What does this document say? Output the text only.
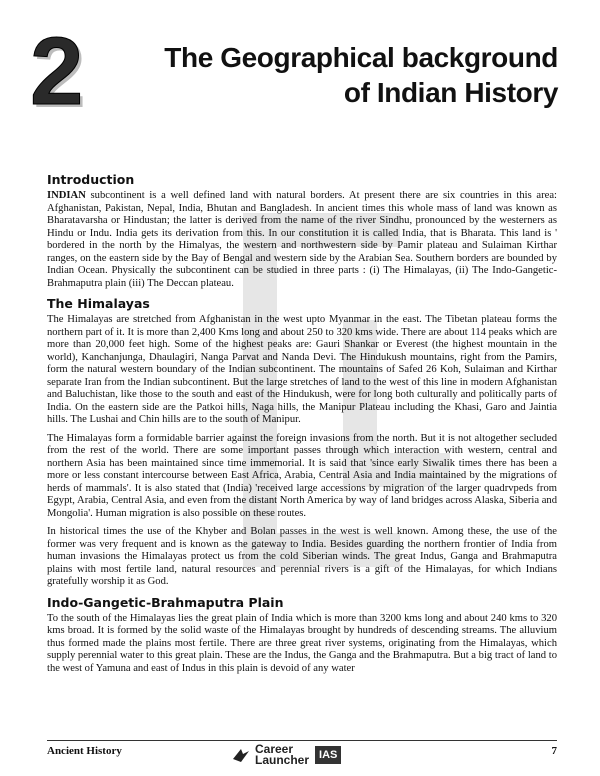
2	The Geographical background
of Indian History
Introduction

INDIAN subcontinent is a well defined land with natural borders. At present there are six countries in this area: Afghanistan, Pakistan, Nepal, India, Bhutan and Bangladesh. In ancient times this whole mass of land was known as Bharatavarsha or Hindustan; the latter is derived from the name of the river Sindhu, pronounced by the westerners as Hindu or Indu. India gets its derivation from this. In our constitution it is called India, that is Bharata. This land is ' bordered in the north by the Himalyas, the western and northwestern side by Pamir plateau and Sulaiman Kirthar ranges, on the eastern side by the Bay of Bengal and western side by the Arabian Sea. Southern borders are bounded by Indian Ocean. Physically the subcontinent can be studied in three parts : (i) The Himalayas, (ii) The Indo-Gangetic-Brahmaputra plain (iii) The Deccan plateau.

The Himalayas

The Himalayas are stretched from Afghanistan in the west upto Myanmar in the east. The Tibetan plateau forms the northern part of it. It is more than 2,400 Kms long and about 250 to 320 kms wide. There are about 114 peaks which are more than 20,000 feet high. Some of the highest peaks are: Gauri Shankar or Everest (the highest mountain in the world), Kanchanjunga, Dhaulagiri, Nanga Parvat and Nanda Devi. The Hindukush mountains, right from the Pamirs, form the natural western boundary of the Indian subcontinent. The mountains of Safed 26 Koh, Sulaiman and Kirthar separate Iran from the Indian subcontinent. But the large stretches of land to the west of this line in modern Afghanistan and Baluchistan, like those to the south and east of the Hindukush, were for long both culturally and politically parts of India. On the eastern side are the Patkoi hills, Naga hills, the Manipur Plateau including the Khasi, Garo and Jaintia hills. The Lushai and Chin hills are to the south of Manipur.

The Himalayas form a formidable barrier against the foreign invasions from the north. But it is not altogether secluded from the rest of the world. There are some important passes through which interaction with western, central and northern Asia has been maintained since time immemorial. It is said that 'since early Siwalik times there has been a more or less constant intercourse between East Africa, Arabia, Central Asia and India maintained by the migrations of herds of mammals'. It is also stated that (India) 'received large accessions by migration of the larger quadrvpeds from Egypt, Arabia, Central Asia, and even from the distant North America by way of land bridges across Alaska, Siberia and Mongolia'. Human migration is also possible on these routes.

In historical times the use of the Khyber and Bolan passes in the west is well known. Among these, the use of the former was very frequent and is known as the gateway to India. Besides guarding the northern frontier of India from human invasions the Himalayas protect us from the cold Siberian winds. The great Indus, Ganga and Brahmaputra plains with most fertile land, natural resources and perennial rivers is a gift of the Himalayas, for which Indians gratefully worship it as God.

Indo-Gangetic-Brahmaputra Plain

To the south of the Himalayas lies the great plain of India which is more than 3200 kms long and about 240 kms to 320 kms broad. It is formed by the solid waste of the Himalayas brought by hundreds of descending streams. The alluvium thus formed made the plains most fertile. There are three great river systems, originating from the Himalayas, which supply perennial water to this great plain. These are the Indus, the Ganga and the Brahmaputra. But a big tract of land to the west of Yamuna and east of Indus in this plain is devoid of any water

Ancient History	Career
Launcher IAS	7
